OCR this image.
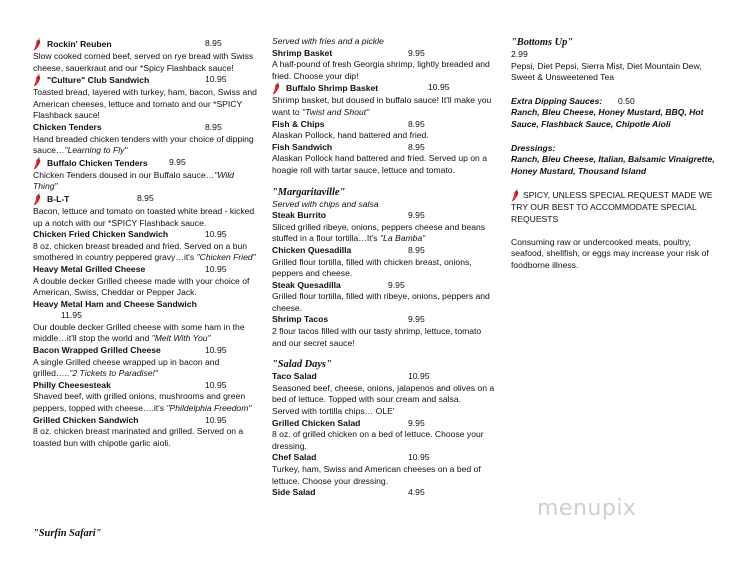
Rockin' Reuben	8.95
Slow cooked corned beef, served on rye bread with Swiss cheese, sauerkraut and our *Spicy Flashback sauce!
"Culture" Club Sandwich	10.95
Toasted bread, layered with turkey, ham, bacon, Swiss and American cheeses, lettuce and tomato and our *SPICY Flashback sauce!
Chicken Tenders	8.95
Hand breaded chicken tenders with your choice of dipping sauce…"Learning to Fly"
Buffalo Chicken Tenders 9.95
Chicken Tenders doused in our Buffalo sauce…"Wild Thing"
B-L-T	8.95
Bacon, lettuce and tomato on toasted white bread - kicked up a notch with our *SPICY Flashback sauce.
Chicken Fried Chicken Sandwich	10.95
8 oz. chicken breast breaded and fried. Served on a bun smothered in country peppered gravy…it's "Chicken Fried"
Heavy Metal Grilled Cheese	10.95
A double decker Grilled cheese made with your choice of American, Swiss, Cheddar or Pepper Jack.
Heavy Metal Ham and Cheese Sandwich
11.95
Our double decker Grilled cheese with some ham in the middle…it'll stop the world and "Melt With You"
Bacon Wrapped Grilled Cheese	10.95
A single Grilled cheese wrapped up in bacon and grilled….."2 Tickets to Paradise!"
Philly Cheesesteak	10.95
Shaved beef, with grilled onions, mushrooms and green peppers, topped with cheese….it's "Phildelphia Freedom"
Grilled Chicken Sandwich	10.95
8 oz. chicken breast marinated and grilled. Served on a toasted bun with chipotle garlic aioli.
"Surfin Safari"
Served with fries and a pickle
Shrimp Basket	9.95
A half-pound of fresh Georgia shrimp, lightly breaded and fried. Choose your dip!
Buffalo Shrimp Basket	10.95
Shrimp basket, but doused in buffalo sauce! It'll make you want to "Twist and Shout"
Fish & Chips	8.95
Alaskan Pollock, hand battered and fried.
Fish Sandwich	8.95
Alaskan Pollock hand battered and fried. Served up on a hoagie roll with tartar sauce, lettuce and tomato.
"Margaritaville"
Served with chips and salsa
Steak Burrito	9.95
Sliced grilled ribeye, onions, peppers cheese and beans stuffed in a flour tortilla…It's "La Bamba"
Chicken Quesadilla	8.95
Grilled flour tortilla, filled with chicken breast, onions, peppers and cheese.
Steak Quesadilla	9.95
Grilled flour tortilla, filled with ribeye, onions, peppers and cheese.
Shrimp Tacos	9.95
2 flour tacos filled with our tasty shrimp, lettuce, tomato and our secret sauce!
"Salad Days"
Taco Salad	10.95
Seasoned beef, cheese, onions, jalapenos and olives on a bed of lettuce. Topped with sour cream and salsa.
Served with tortilla chips… OLE'
Grilled Chicken Salad	9.95
8 oz. of grilled chicken on a bed of lettuce. Choose your dressing.
Chef Salad	10.95
Turkey, ham, Swiss and American cheeses on a bed of lettuce. Choose your dressing.
Side Salad	4.95
"Bottoms Up"
2.99
Pepsi, Diet Pepsi, Sierra Mist, Diet Mountain Dew, Sweet & Unsweetened Tea
Extra Dipping Sauces: 0.50
Ranch, Bleu Cheese, Honey Mustard, BBQ, Hot Sauce, Flashback Sauce, Chipotle Aioli
Dressings:
Ranch, Bleu Cheese, Italian, Balsamic Vinaigrette, Honey Mustard, Thousand Island
SPICY, UNLESS SPECIAL REQUEST MADE WE TRY OUR BEST TO ACCOMMODATE SPECIAL REQUESTS
Consuming raw or undercooked meats, poultry, seafood, shellfish, or eggs may increase your risk of foodborne illness.
menupix
